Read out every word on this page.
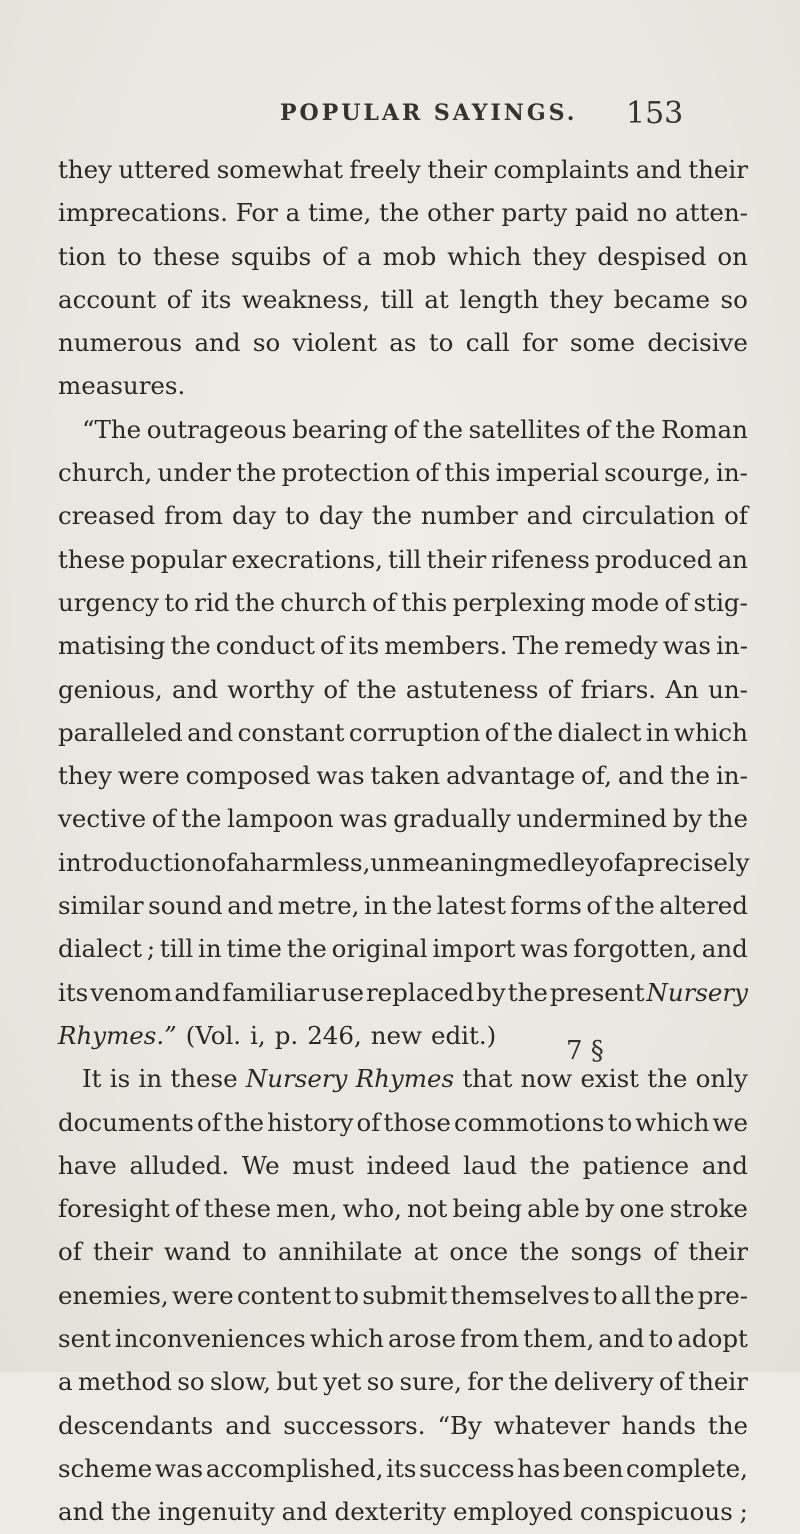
POPULAR SAYINGS. 153
they uttered somewhat freely their complaints and their
imprecations. For a time, the other party paid no atten-
tion to these squibs of a mob which they despised on
account of its weakness, till at length they became so
numerous and so violent as to call for some decisive
measures.
“The outrageous bearing of the satellites of the Roman
church, under the protection of this imperial scourge, in-
creased from day to day the number and circulation of
these popular execrations, till their rifeness produced an
urgency to rid the church of this perplexing mode of stig-
matising the conduct of its members. The remedy was in-
genious, and worthy of the astuteness of friars. An un-
paralleled and constant corruption of the dialect in which
they were composed was taken advantage of, and the in-
vective of the lampoon was gradually undermined by the
introduction of a harmless, unmeaning medley of a precisely
similar sound and metre, in the latest forms of the altered
dialect ; till in time the original import was forgotten, and
its venom and familiar use replaced by the present Nursery
Rhymes.” (Vol. i, p. 246, new edit.)
It is in these Nursery Rhymes that now exist the only
documents of the history of those commotions to which we
have alluded. We must indeed laud the patience and
foresight of these men, who, not being able by one stroke
of their wand to annihilate at once the songs of their
enemies, were content to submit themselves to all the pre-
sent inconveniences which arose from them, and to adopt
a method so slow, but yet so sure, for the delivery of their
descendants and successors. “By whatever hands the
scheme was accomplished, its success has been complete,
and the ingenuity and dexterity employed conspicuous ;
7 §
